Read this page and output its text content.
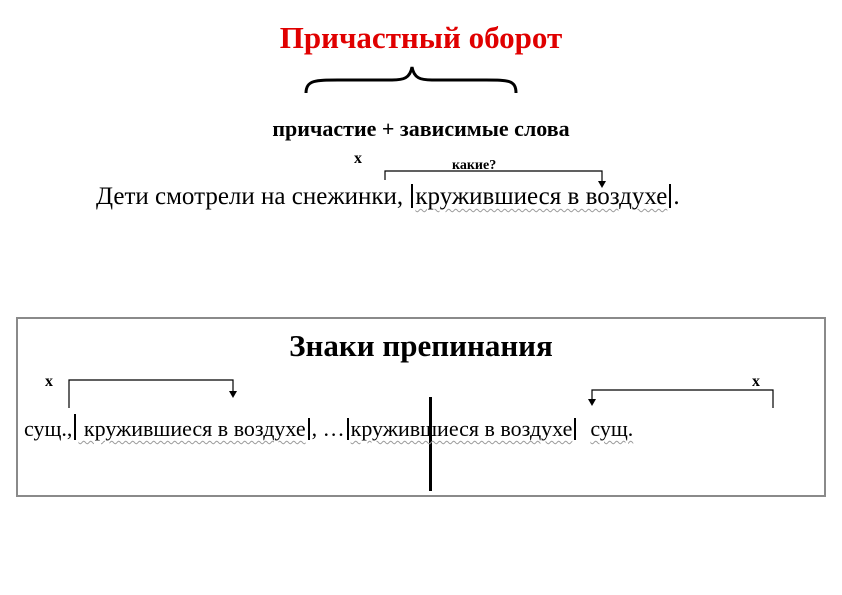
Причастный оборот
причастие + зависимые слова
x	какие?
Дети смотрели на снежинки, кружившиеся в воздухе .
Знаки препинания
x	x
сущ., кружившиеся в воздухе , … кружившиеся в воздухе сущ.
